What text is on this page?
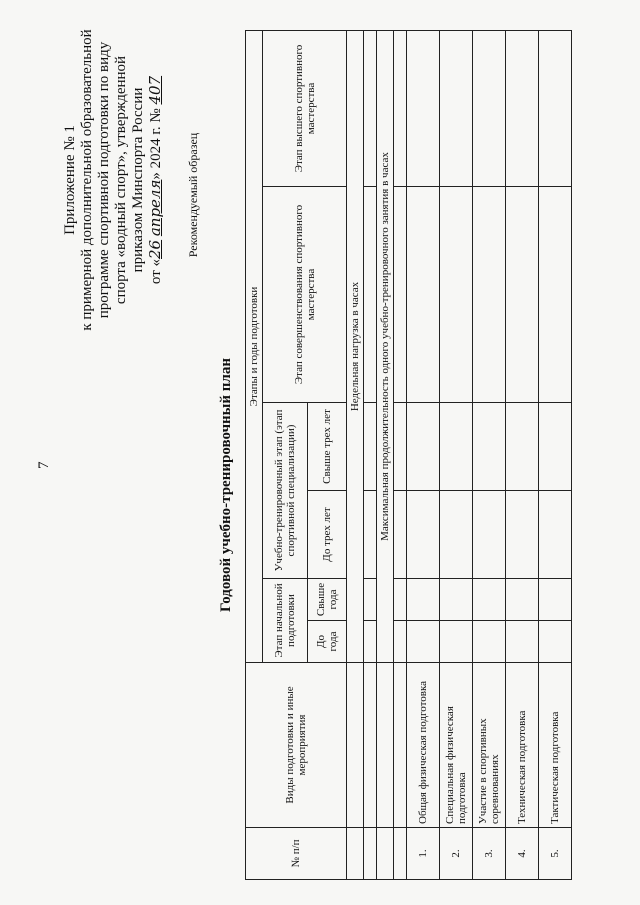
7
Приложение № 1 к примерной дополнительной образовательной программе спортивной подготовки по виду спорта «водный спорт», утвержденной приказом Минспорта России от «26 апреля» 2024 г. № 407
Рекомендуемый образец
Годовой учебно-тренировочный план
№ п/п	Виды подготовки и иные мероприятия	Этапы и годы подготовки					
		Этап начальной подготовки		Учебно-тренировочный этап (этап спортивной специализации)		Этап совершенствования спортивного мастерства	Этап высшего спортивного мастерства
		До года	Свыше года	До трех лет	Свыше трех лет		
		Недельная нагрузка в часах					

		Максимальная продолжительность одного учебно-тренировочного занятия в часах					

1.	Общая физическая подготовка						
2.	Специальная физическая подготовка						
3.	Участие в спортивных соревнованиях						
4.	Техническая подготовка						
5.	Тактическая подготовка						
